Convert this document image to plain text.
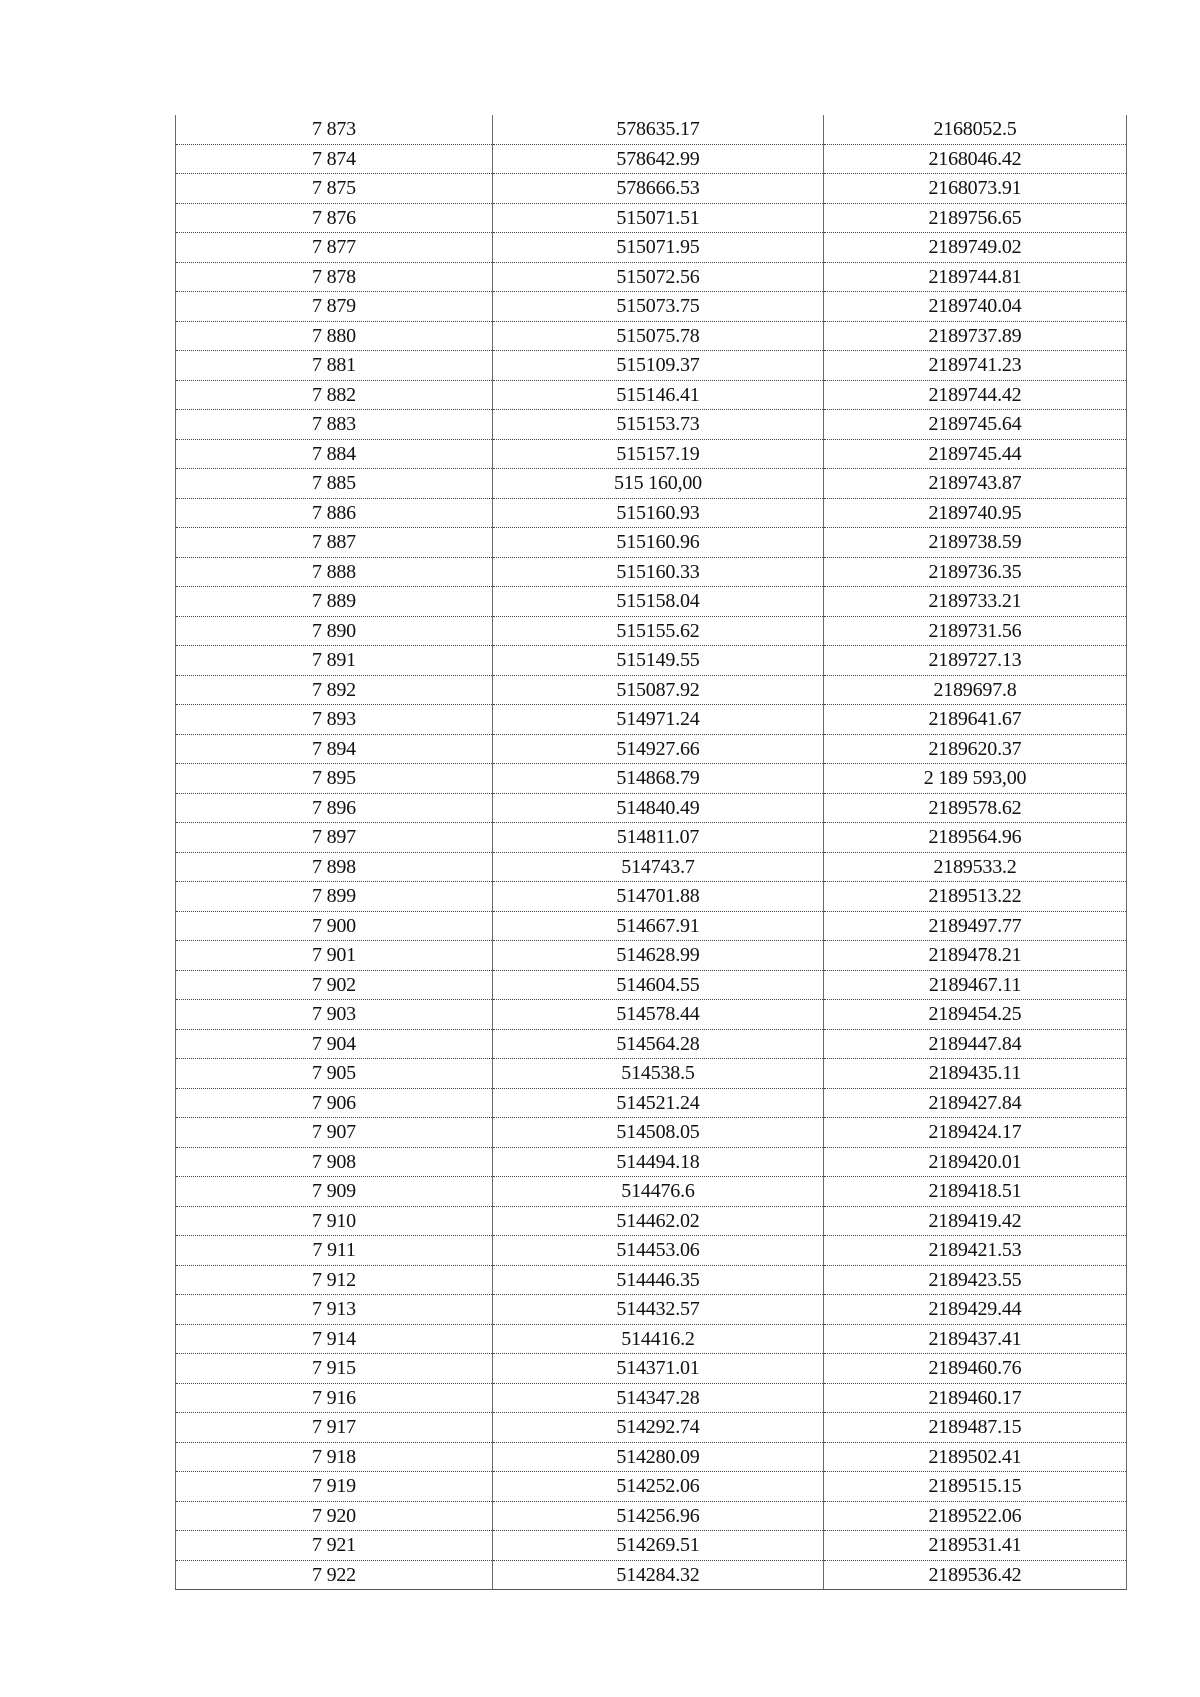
7 873	578635.17	2168052.5
7 874	578642.99	2168046.42
7 875	578666.53	2168073.91
7 876	515071.51	2189756.65
7 877	515071.95	2189749.02
7 878	515072.56	2189744.81
7 879	515073.75	2189740.04
7 880	515075.78	2189737.89
7 881	515109.37	2189741.23
7 882	515146.41	2189744.42
7 883	515153.73	2189745.64
7 884	515157.19	2189745.44
7 885	515 160,00	2189743.87
7 886	515160.93	2189740.95
7 887	515160.96	2189738.59
7 888	515160.33	2189736.35
7 889	515158.04	2189733.21
7 890	515155.62	2189731.56
7 891	515149.55	2189727.13
7 892	515087.92	2189697.8
7 893	514971.24	2189641.67
7 894	514927.66	2189620.37
7 895	514868.79	2 189 593,00
7 896	514840.49	2189578.62
7 897	514811.07	2189564.96
7 898	514743.7	2189533.2
7 899	514701.88	2189513.22
7 900	514667.91	2189497.77
7 901	514628.99	2189478.21
7 902	514604.55	2189467.11
7 903	514578.44	2189454.25
7 904	514564.28	2189447.84
7 905	514538.5	2189435.11
7 906	514521.24	2189427.84
7 907	514508.05	2189424.17
7 908	514494.18	2189420.01
7 909	514476.6	2189418.51
7 910	514462.02	2189419.42
7 911	514453.06	2189421.53
7 912	514446.35	2189423.55
7 913	514432.57	2189429.44
7 914	514416.2	2189437.41
7 915	514371.01	2189460.76
7 916	514347.28	2189460.17
7 917	514292.74	2189487.15
7 918	514280.09	2189502.41
7 919	514252.06	2189515.15
7 920	514256.96	2189522.06
7 921	514269.51	2189531.41
7 922	514284.32	2189536.42
